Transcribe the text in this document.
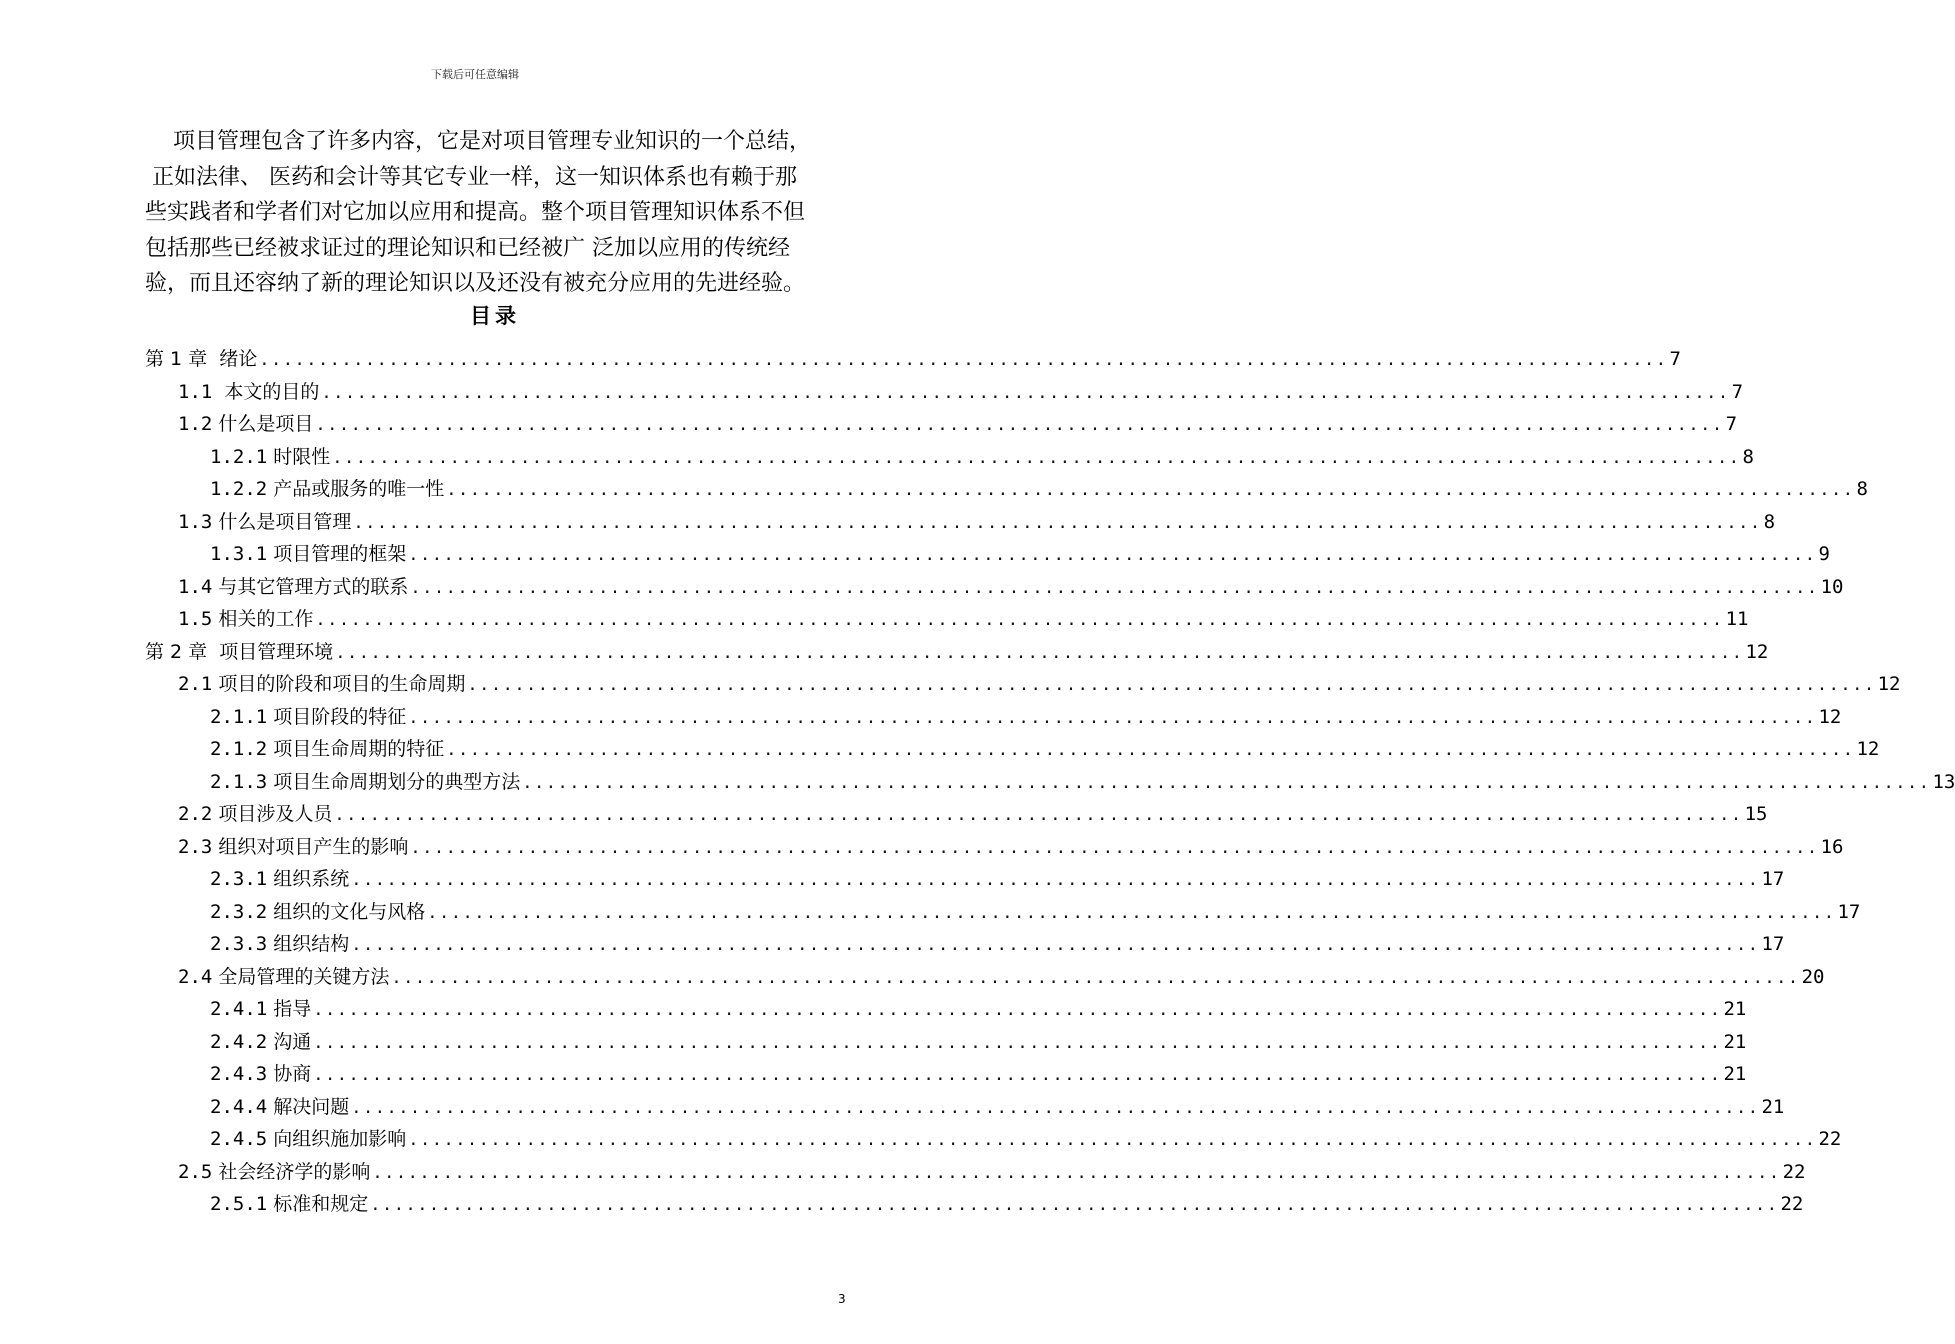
下载后可任意编辑

项目管理包含了许多内容，它是对项目管理专业知识的一个总结，

正如法律、 医药和会计等其它专业一样，这一知识体系也有赖于那

些实践者和学者们对它加以应用和提高。整个项目管理知识体系不但

包括那些已经被求证过的理论知识和已经被广 泛加以应用的传统经

验，而且还容纳了新的理论知识以及还没有被充分应用的先进经验。

目录
第 1 章  绪论 ........................................................................................................................ 7
1.1  本文的目的 ........................................................................................................................ 7
1.2 什么是项目 ........................................................................................................................ 7
1.2.1 时限性 ........................................................................................................................ 8
1.2.2 产品或服务的唯一性 ........................................................................................................................ 8
1.3 什么是项目管理 ........................................................................................................................ 8
1.3.1 项目管理的框架 ........................................................................................................................ 9
1.4 与其它管理方式的联系 ........................................................................................................................ 10
1.5 相关的工作 ........................................................................................................................ 11
第 2 章  项目管理环境 ........................................................................................................................ 12
2.1 项目的阶段和项目的生命周期 ........................................................................................................................ 12
2.1.1 项目阶段的特征 ........................................................................................................................ 12
2.1.2 项目生命周期的特征 ........................................................................................................................ 12
2.1.3 项目生命周期划分的典型方法 ........................................................................................................................ 13
2.2 项目涉及人员 ........................................................................................................................ 15
2.3 组织对项目产生的影响 ........................................................................................................................ 16
2.3.1 组织系统 ........................................................................................................................ 17
2.3.2 组织的文化与风格 ........................................................................................................................ 17
2.3.3 组织结构 ........................................................................................................................ 17
2.4 全局管理的关键方法 ........................................................................................................................ 20
2.4.1 指导 ........................................................................................................................ 21
2.4.2 沟通 ........................................................................................................................ 21
2.4.3 协商 ........................................................................................................................ 21
2.4.4 解决问题 ........................................................................................................................ 21
2.4.5 向组织施加影响 ........................................................................................................................ 22
2.5 社会经济学的影响 ........................................................................................................................ 22
2.5.1 标准和规定 ........................................................................................................................ 22
3
